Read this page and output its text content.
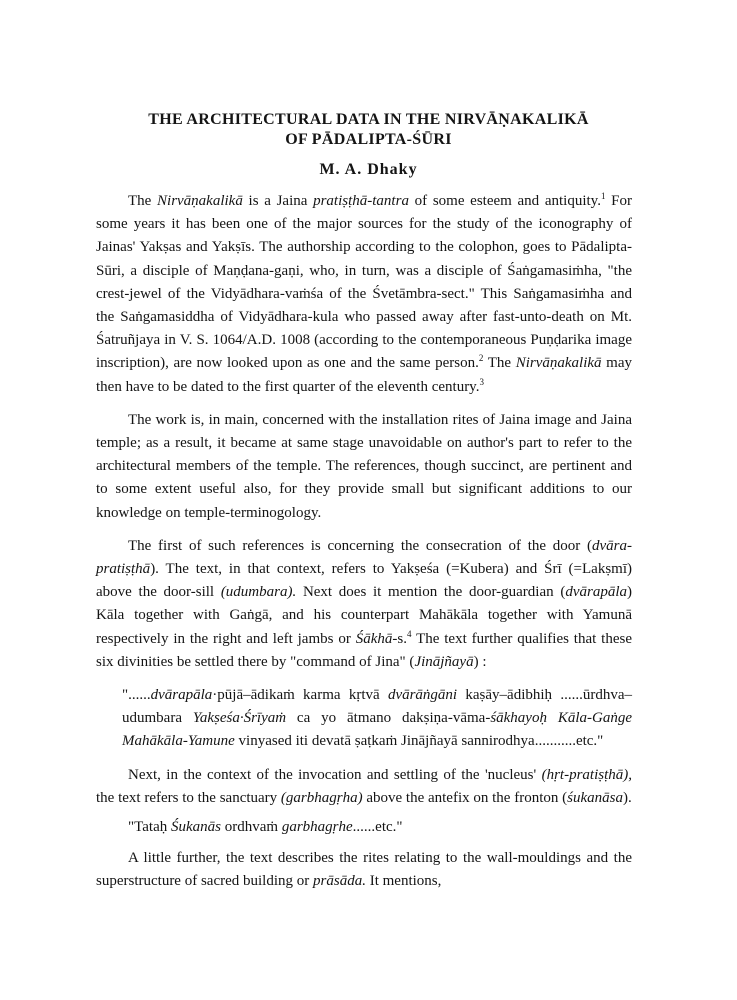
THE ARCHITECTURAL DATA IN THE NIRVĀṆAKALIKĀ
OF PĀDALIPTA-ŚŪRI
M. A. Dhaky

The Nirvāṇakalikā is a Jaina pratiṣṭhā-tantra of some esteem and antiquity.$^1$ For some years it has been one of the major sources for the study of the iconography of Jainas' Yakṣas and Yakṣīs. The authorship according to the colophon, goes to Pādalipta-Sūri, a disciple of Maṇḍana-gaṇi, who, in turn, was a disciple of Śaṅgamasiṁha, "the crest-jewel of the Vidyādhara-vaṁśa of the Śvetāmbra-sect." This Saṅgamasiṁha and the Saṅgamasiddha of Vidyādhara-kula who passed away after fast-unto-death on Mt. Śatruñjaya in V. S. 1064/A.D. 1008 (according to the contemporaneous Puṇḍarika image inscription), are now looked upon as one and the same person.$^2$ The Nirvāṇakalikā may then have to be dated to the first quarter of the eleventh century.$^3$

The work is, in main, concerned with the installation rites of Jaina image and Jaina temple; as a result, it became at same stage unavoidable on author's part to refer to the architectural members of the temple. The references, though succinct, are pertinent and to some extent useful also, for they provide small but significant additions to our knowledge on temple-terminogology.

The first of such references is concerning the consecration of the door (dvāra-pratiṣṭhā). The text, in that context, refers to Yakṣeśa (=Kubera) and Śrī (=Lakṣmī) above the door-sill (udumbara). Next does it mention the door-guardian (dvārapāla) Kāla together with Gaṅgā, and his counterpart Mahākāla together with Yamunā respectively in the right and left jambs or Śākhā-s.$^4$ The text further qualifies that these six divinities be settled there by "command of Jina" (Jinājñayā) :

"......dvārapāla·pūjā–ādikaṁ karma kṛtvā dvārāṅgāni kaṣāy–ādibhiḥ ......ūrdhva–udumbara Yakṣeśa·Śrīyaṁ ca yo ātmano dakṣiṇa-vāma-śākhayoḥ Kāla-Gaṅge Mahākāla-Yamune vinyased iti devatā ṣaṭkaṁ Jinājñayā sannirodhya...........etc."

Next, in the context of the invocation and settling of the 'nucleus' (hṛt-pratiṣṭhā), the text refers to the sanctuary (garbhagṛha) above the antefix on the fronton (śukanāsa).

"Tataḥ Śukanās ordhvaṁ garbhagṛhe......etc."

A little further, the text describes the rites relating to the wall-mouldings and the superstructure of sacred building or prāsāda. It mentions,
